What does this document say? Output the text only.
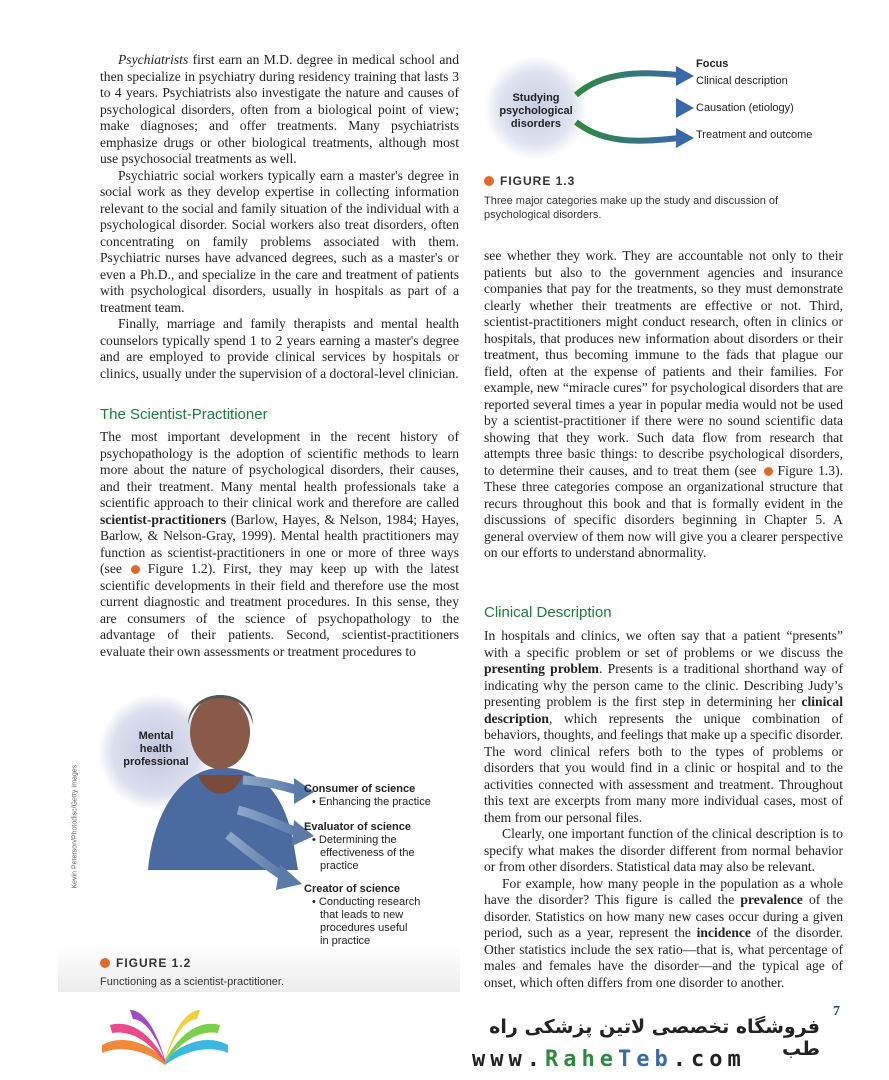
Psychiatrists first earn an M.D. degree in medical school and then specialize in psychiatry during residency training that lasts 3 to 4 years. Psychiatrists also investigate the nature and causes of psychological disorders, often from a biological point of view; make diagnoses; and offer treatments. Many psychiatrists emphasize drugs or other biological treatments, although most use psychosocial treatments as well.

Psychiatric social workers typically earn a master's degree in social work as they develop expertise in collecting information relevant to the social and family situation of the individual with a psychological disorder. Social workers also treat disorders, often concentrating on family problems associated with them. Psychiatric nurses have advanced degrees, such as a master's or even a Ph.D., and specialize in the care and treatment of patients with psychological disorders, usually in hospitals as part of a treatment team.

Finally, marriage and family therapists and mental health counselors typically spend 1 to 2 years earning a master's degree and are employed to provide clinical services by hospitals or clinics, usually under the supervision of a doctoral-level clinician.

The Scientist-Practitioner

The most important development in the recent history of psychopathology is the adoption of scientific methods to learn more about the nature of psychological disorders, their causes, and their treatment. Many mental health professionals take a scientific approach to their clinical work and therefore are called scientist-practitioners (Barlow, Hayes, & Nelson, 1984; Hayes, Barlow, & Nelson-Gray, 1999). Mental health practitioners may function as scientist-practitioners in one or more of three ways (see  Figure 1.2). First, they may keep up with the latest scientific developments in their field and therefore use the most current diagnostic and treatment procedures. In this sense, they are consumers of the science of psychopathology to the advantage of their patients. Second, scientist-practitioners evaluate their own assessments or treatment procedures to

Studying
psychological
disorders
Focus
Clinical description
Causation (etiology)
Treatment and outcome
FIGURE 1.3
Three major categories make up the study and discussion of psychological disorders.

see whether they work. They are accountable not only to their patients but also to the government agencies and insurance companies that pay for the treatments, so they must demonstrate clearly whether their treatments are effective or not. Third, scientist-practitioners might conduct research, often in clinics or hospitals, that produces new information about disorders or their treatment, thus becoming immune to the fads that plague our field, often at the expense of patients and their families. For example, new “miracle cures” for psychological disorders that are reported several times a year in popular media would not be used by a scientist-practitioner if there were no sound scientific data showing that they work. Such data flow from research that attempts three basic things: to describe psychological disorders, to determine their causes, and to treat them (see  Figure 1.3). These three categories compose an organizational structure that recurs throughout this book and that is formally evident in the discussions of specific disorders beginning in Chapter 5. A general overview of them now will give you a clearer perspective on our efforts to understand abnormality.

Clinical Description

In hospitals and clinics, we often say that a patient “presents” with a specific problem or set of problems or we discuss the presenting problem. Presents is a traditional shorthand way of indicating why the person came to the clinic. Describing Judy’s presenting problem is the first step in determining her clinical description, which represents the unique combination of behaviors, thoughts, and feelings that make up a specific disorder. The word clinical refers both to the types of problems or disorders that you would find in a clinic or hospital and to the activities connected with assessment and treatment. Throughout this text are excerpts from many more individual cases, most of them from our personal files.

Clearly, one important function of the clinical description is to specify what makes the disorder different from normal behavior or from other disorders. Statistical data may also be relevant.

For example, how many people in the population as a whole have the disorder? This figure is called the prevalence of the disorder. Statistics on how many new cases occur during a given period, such as a year, represent the incidence of the disorder. Other statistics include the sex ratio—that is, what percentage of males and females have the disorder—and the typical age of onset, which often differs from one disorder to another.

Mental
health
professional
Consumer of science
• Enhancing the practice
Evaluator of science
• Determining the
effectiveness of the
practice
Creator of science
• Conducting research
that leads to new
procedures useful
in practice
Kevin Peterson/Photodisc/Getty Images
FIGURE 1.2
Functioning as a scientist-practitioner.
7
فروشگاه تخصصی لاتین پزشکی راه طب
www.RaheTeb.com
